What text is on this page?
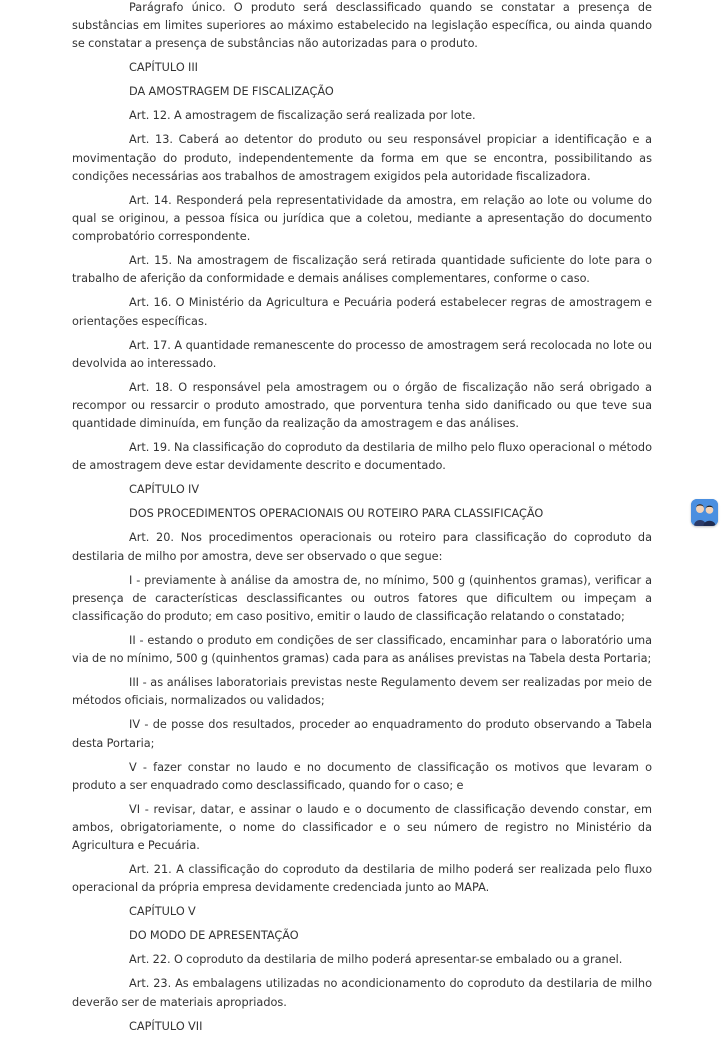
Parágrafo único. O produto será desclassificado quando se constatar a presença de substâncias em limites superiores ao máximo estabelecido na legislação específica, ou ainda quando se constatar a presença de substâncias não autorizadas para o produto.

CAPÍTULO III

DA AMOSTRAGEM DE FISCALIZAÇÃO

Art. 12. A amostragem de fiscalização será realizada por lote.

Art. 13. Caberá ao detentor do produto ou seu responsável propiciar a identificação e a movimentação do produto, independentemente da forma em que se encontra, possibilitando as condições necessárias aos trabalhos de amostragem exigidos pela autoridade fiscalizadora.

Art. 14. Responderá pela representatividade da amostra, em relação ao lote ou volume do qual se originou, a pessoa física ou jurídica que a coletou, mediante a apresentação do documento comprobatório correspondente.

Art. 15. Na amostragem de fiscalização será retirada quantidade suficiente do lote para o trabalho de aferição da conformidade e demais análises complementares, conforme o caso.

Art. 16. O Ministério da Agricultura e Pecuária poderá estabelecer regras de amostragem e orientações específicas.

Art. 17. A quantidade remanescente do processo de amostragem será recolocada no lote ou devolvida ao interessado.

Art. 18. O responsável pela amostragem ou o órgão de fiscalização não será obrigado a recompor ou ressarcir o produto amostrado, que porventura tenha sido danificado ou que teve sua quantidade diminuída, em função da realização da amostragem e das análises.

Art. 19. Na classificação do coproduto da destilaria de milho pelo fluxo operacional o método de amostragem deve estar devidamente descrito e documentado.

CAPÍTULO IV

DOS PROCEDIMENTOS OPERACIONAIS OU ROTEIRO PARA CLASSIFICAÇÃO

Art. 20. Nos procedimentos operacionais ou roteiro para classificação do coproduto da destilaria de milho por amostra, deve ser observado o que segue:

I - previamente à análise da amostra de, no mínimo, 500 g (quinhentos gramas), verificar a presença de características desclassificantes ou outros fatores que dificultem ou impeçam a classificação do produto; em caso positivo, emitir o laudo de classificação relatando o constatado;

II - estando o produto em condições de ser classificado, encaminhar para o laboratório uma via de no mínimo, 500 g (quinhentos gramas) cada para as análises previstas na Tabela desta Portaria;

III - as análises laboratoriais previstas neste Regulamento devem ser realizadas por meio de métodos oficiais, normalizados ou validados;

IV - de posse dos resultados, proceder ao enquadramento do produto observando a Tabela desta Portaria;

V - fazer constar no laudo e no documento de classificação os motivos que levaram o produto a ser enquadrado como desclassificado, quando for o caso; e

VI - revisar, datar, e assinar o laudo e o documento de classificação devendo constar, em ambos, obrigatoriamente, o nome do classificador e o seu número de registro no Ministério da Agricultura e Pecuária.

Art. 21. A classificação do coproduto da destilaria de milho poderá ser realizada pelo fluxo operacional da própria empresa devidamente credenciada junto ao MAPA.

CAPÍTULO V

DO MODO DE APRESENTAÇÃO

Art. 22. O coproduto da destilaria de milho poderá apresentar-se embalado ou a granel.

Art. 23. As embalagens utilizadas no acondicionamento do coproduto da destilaria de milho deverão ser de materiais apropriados.

CAPÍTULO VII
